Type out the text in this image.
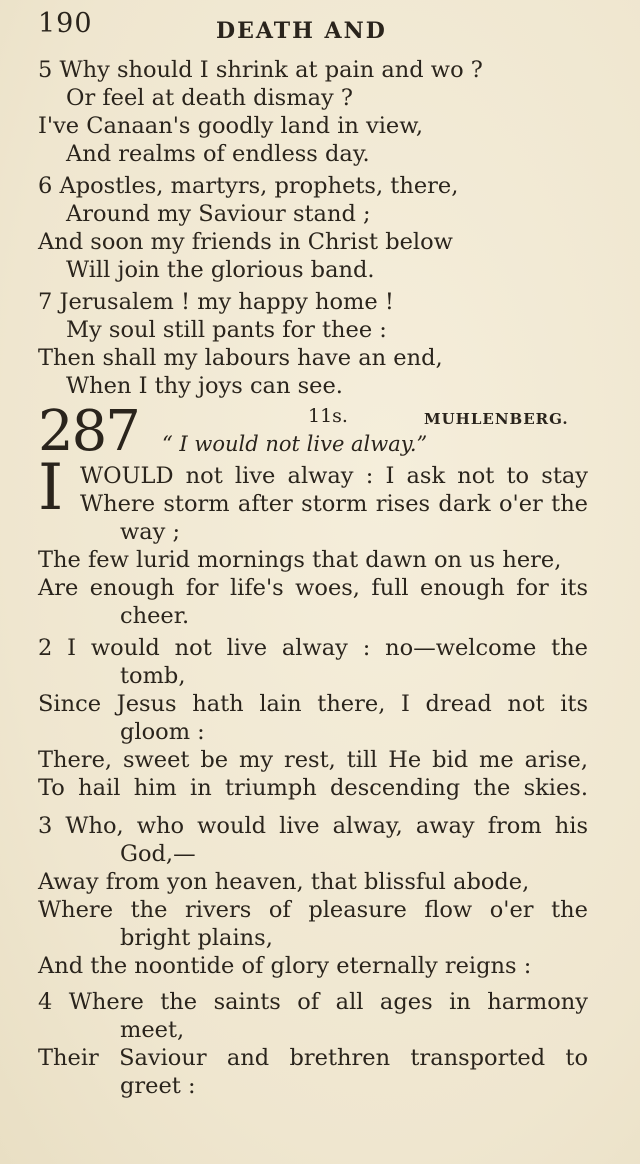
190	DEATH AND
5 Why should I shrink at pain and wo ?
Or feel at death dismay ?
I've Canaan's goodly land in view,
And realms of endless day.
6 Apostles, martyrs, prophets, there,
Around my Saviour stand ;
And soon my friends in Christ below
Will join the glorious band.
7 Jerusalem ! my happy home !
My soul still pants for thee :
Then shall my labours have an end,
When I thy joys can see.
287	11s.	MUHLENBERG.
“ I would not live alway.”
I WOULD not live alway : I ask not to stay
Where storm after storm rises dark o'er the
way ;
The few lurid mornings that dawn on us here,
Are enough for life's woes, full enough for its
cheer.
2 I would not live alway : no—welcome the
tomb,
Since Jesus hath lain there, I dread not its
gloom :
There, sweet be my rest, till He bid me arise,
To hail him in triumph descending the skies.
3 Who, who would live alway, away from his
God,—
Away from yon heaven, that blissful abode,
Where the rivers of pleasure flow o'er the
bright plains,
And the noontide of glory eternally reigns :
4 Where the saints of all ages in harmony
meet,
Their Saviour and brethren transported to
greet :
